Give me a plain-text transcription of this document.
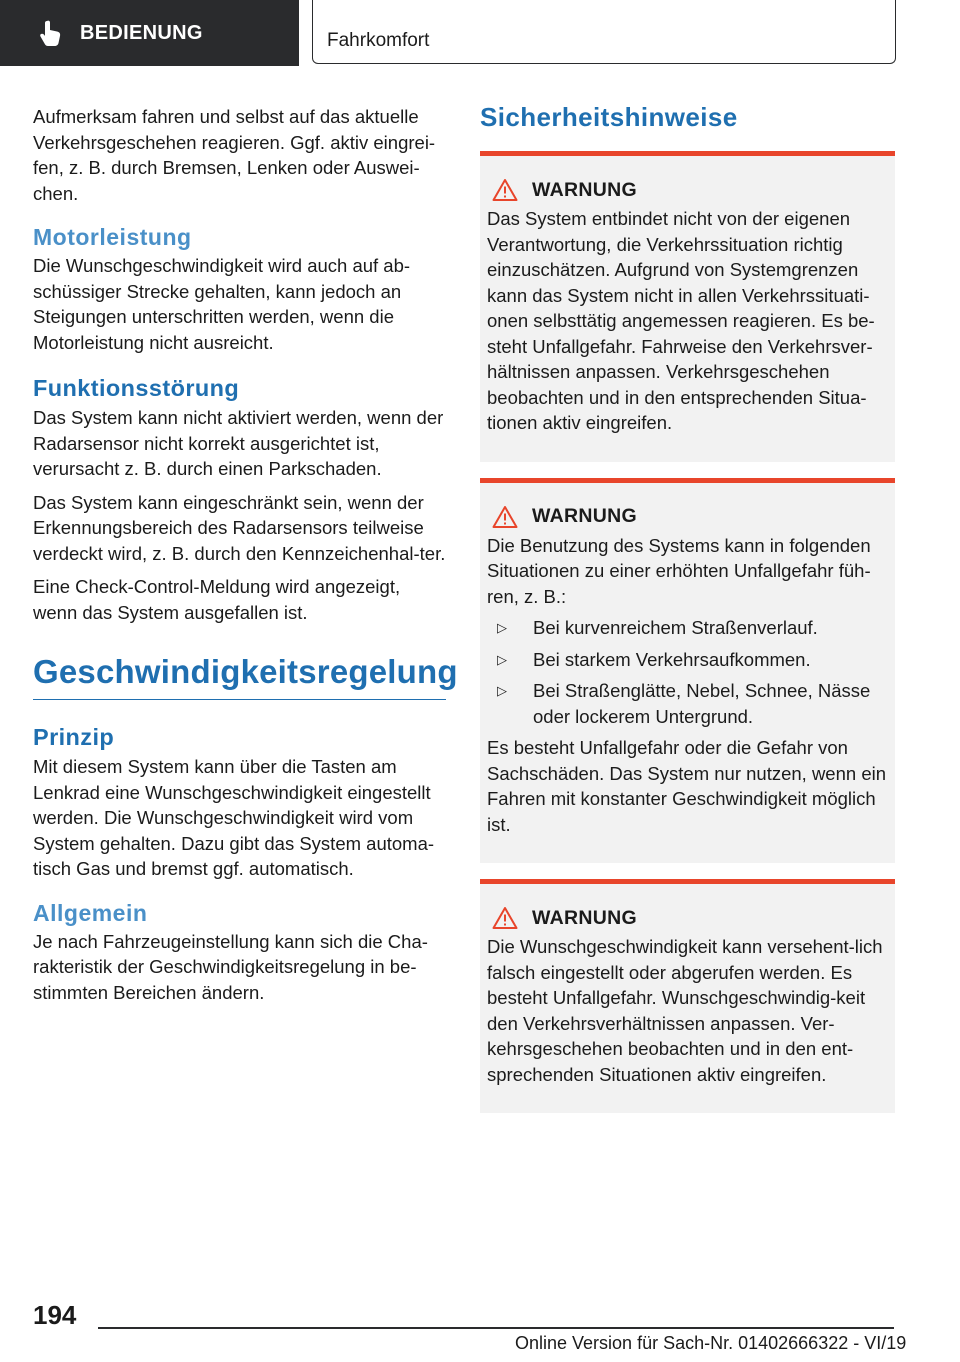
BEDIENUNG	Fahrkomfort

Aufmerksam fahren und selbst auf das aktuelle Verkehrsgeschehen reagieren. Ggf. aktiv eingrei-fen, z. B. durch Bremsen, Lenken oder Auswei-chen.

Motorleistung

Die Wunschgeschwindigkeit wird auch auf ab-schüssiger Strecke gehalten, kann jedoch an Steigungen unterschritten werden, wenn die Motorleistung nicht ausreicht.

Funktionsstörung

Das System kann nicht aktiviert werden, wenn der Radarsensor nicht korrekt ausgerichtet ist, verursacht z. B. durch einen Parkschaden.

Das System kann eingeschränkt sein, wenn der Erkennungsbereich des Radarsensors teilweise verdeckt wird, z. B. durch den Kennzeichenhal-ter.

Eine Check-Control-Meldung wird angezeigt, wenn das System ausgefallen ist.

Geschwindigkeitsregelung
Prinzip

Mit diesem System kann über die Tasten am Lenkrad eine Wunschgeschwindigkeit eingestellt werden. Die Wunschgeschwindigkeit wird vom System gehalten. Dazu gibt das System automa-tisch Gas und bremst ggf. automatisch.

Allgemein

Je nach Fahrzeugeinstellung kann sich die Cha-rakteristik der Geschwindigkeitsregelung in be-stimmten Bereichen ändern.

Sicherheitshinweise
WARNUNG

Das System entbindet nicht von der eigenen Verantwortung, die Verkehrssituation richtig einzuschätzen. Aufgrund von Systemgrenzen kann das System nicht in allen Verkehrssituati-onen selbsttätig angemessen reagieren. Es be-steht Unfallgefahr. Fahrweise den Verkehrsver-hältnissen anpassen. Verkehrsgeschehen beobachten und in den entsprechenden Situa-tionen aktiv eingreifen.

WARNUNG

Die Benutzung des Systems kann in folgenden Situationen zu einer erhöhten Unfallgefahr füh-ren, z. B.:

▷	Bei kurvenreichem Straßenverlauf.
▷	Bei starkem Verkehrsaufkommen.
▷	Bei Straßenglätte, Nebel, Schnee, Nässe oder lockerem Untergrund.

Es besteht Unfallgefahr oder die Gefahr von Sachschäden. Das System nur nutzen, wenn ein Fahren mit konstanter Geschwindigkeit möglich ist.

WARNUNG

Die Wunschgeschwindigkeit kann versehent-lich falsch eingestellt oder abgerufen werden. Es besteht Unfallgefahr. Wunschgeschwindig-keit den Verkehrsverhältnissen anpassen. Ver-kehrsgeschehen beobachten und in den ent-sprechenden Situationen aktiv eingreifen.

194
Online Version für Sach-Nr. 01402666322 - VI/19
